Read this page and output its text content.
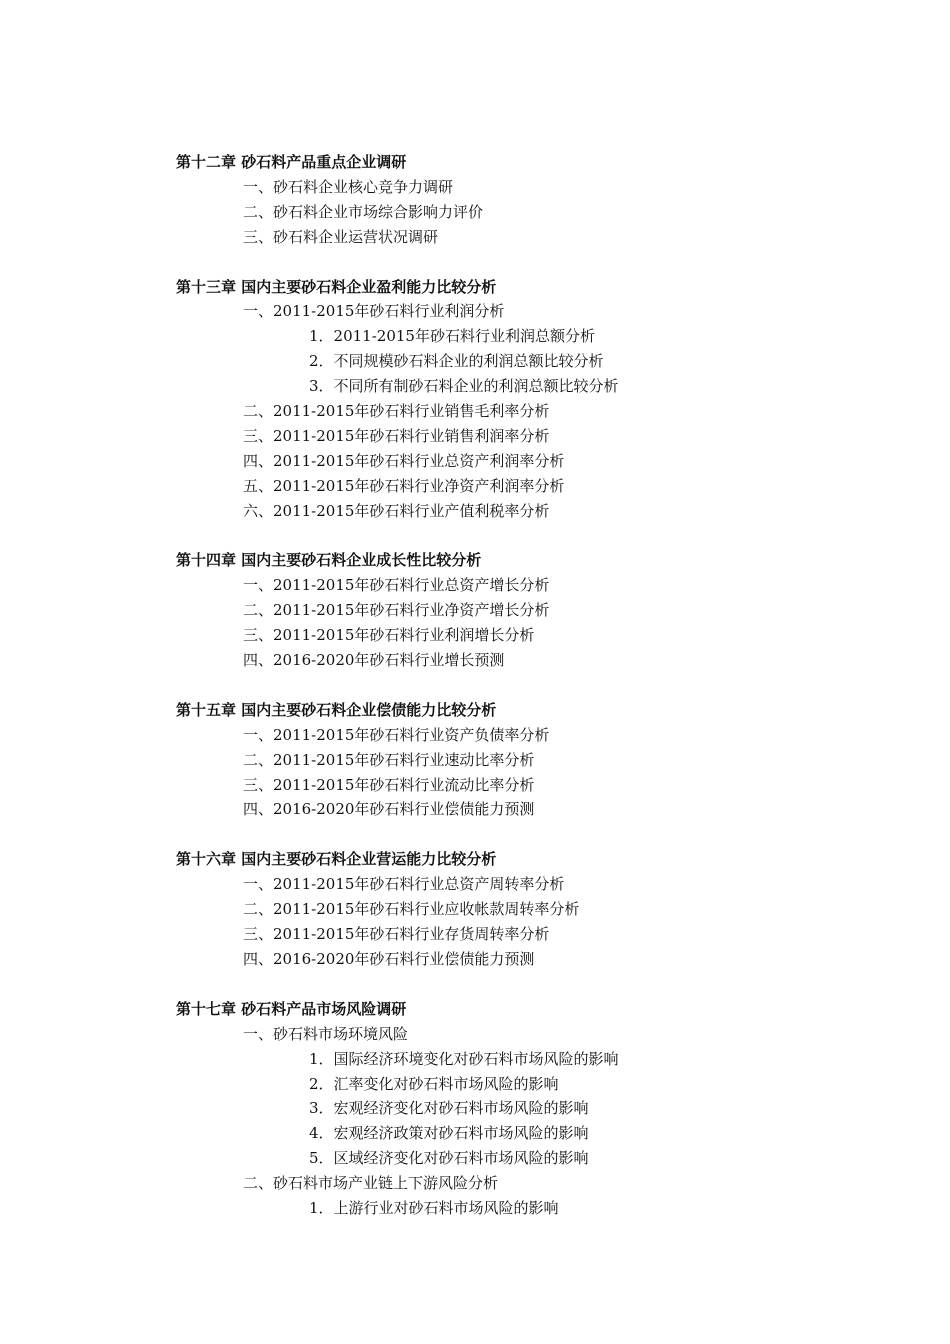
第十二章 砂石料产品重点企业调研
一、砂石料企业核心竞争力调研
二、砂石料企业市场综合影响力评价
三、砂石料企业运营状况调研
第十三章 国内主要砂石料企业盈利能力比较分析
一、2011-2015年砂石料行业利润分析
1．2011-2015年砂石料行业利润总额分析
2．不同规模砂石料企业的利润总额比较分析
3．不同所有制砂石料企业的利润总额比较分析
二、2011-2015年砂石料行业销售毛利率分析
三、2011-2015年砂石料行业销售利润率分析
四、2011-2015年砂石料行业总资产利润率分析
五、2011-2015年砂石料行业净资产利润率分析
六、2011-2015年砂石料行业产值利税率分析
第十四章 国内主要砂石料企业成长性比较分析
一、2011-2015年砂石料行业总资产增长分析
二、2011-2015年砂石料行业净资产增长分析
三、2011-2015年砂石料行业利润增长分析
四、2016-2020年砂石料行业增长预测
第十五章 国内主要砂石料企业偿债能力比较分析
一、2011-2015年砂石料行业资产负债率分析
二、2011-2015年砂石料行业速动比率分析
三、2011-2015年砂石料行业流动比率分析
四、2016-2020年砂石料行业偿债能力预测
第十六章 国内主要砂石料企业营运能力比较分析
一、2011-2015年砂石料行业总资产周转率分析
二、2011-2015年砂石料行业应收帐款周转率分析
三、2011-2015年砂石料行业存货周转率分析
四、2016-2020年砂石料行业偿债能力预测
第十七章 砂石料产品市场风险调研
一、砂石料市场环境风险
1．国际经济环境变化对砂石料市场风险的影响
2．汇率变化对砂石料市场风险的影响
3．宏观经济变化对砂石料市场风险的影响
4．宏观经济政策对砂石料市场风险的影响
5．区域经济变化对砂石料市场风险的影响
二、砂石料市场产业链上下游风险分析
1．上游行业对砂石料市场风险的影响
